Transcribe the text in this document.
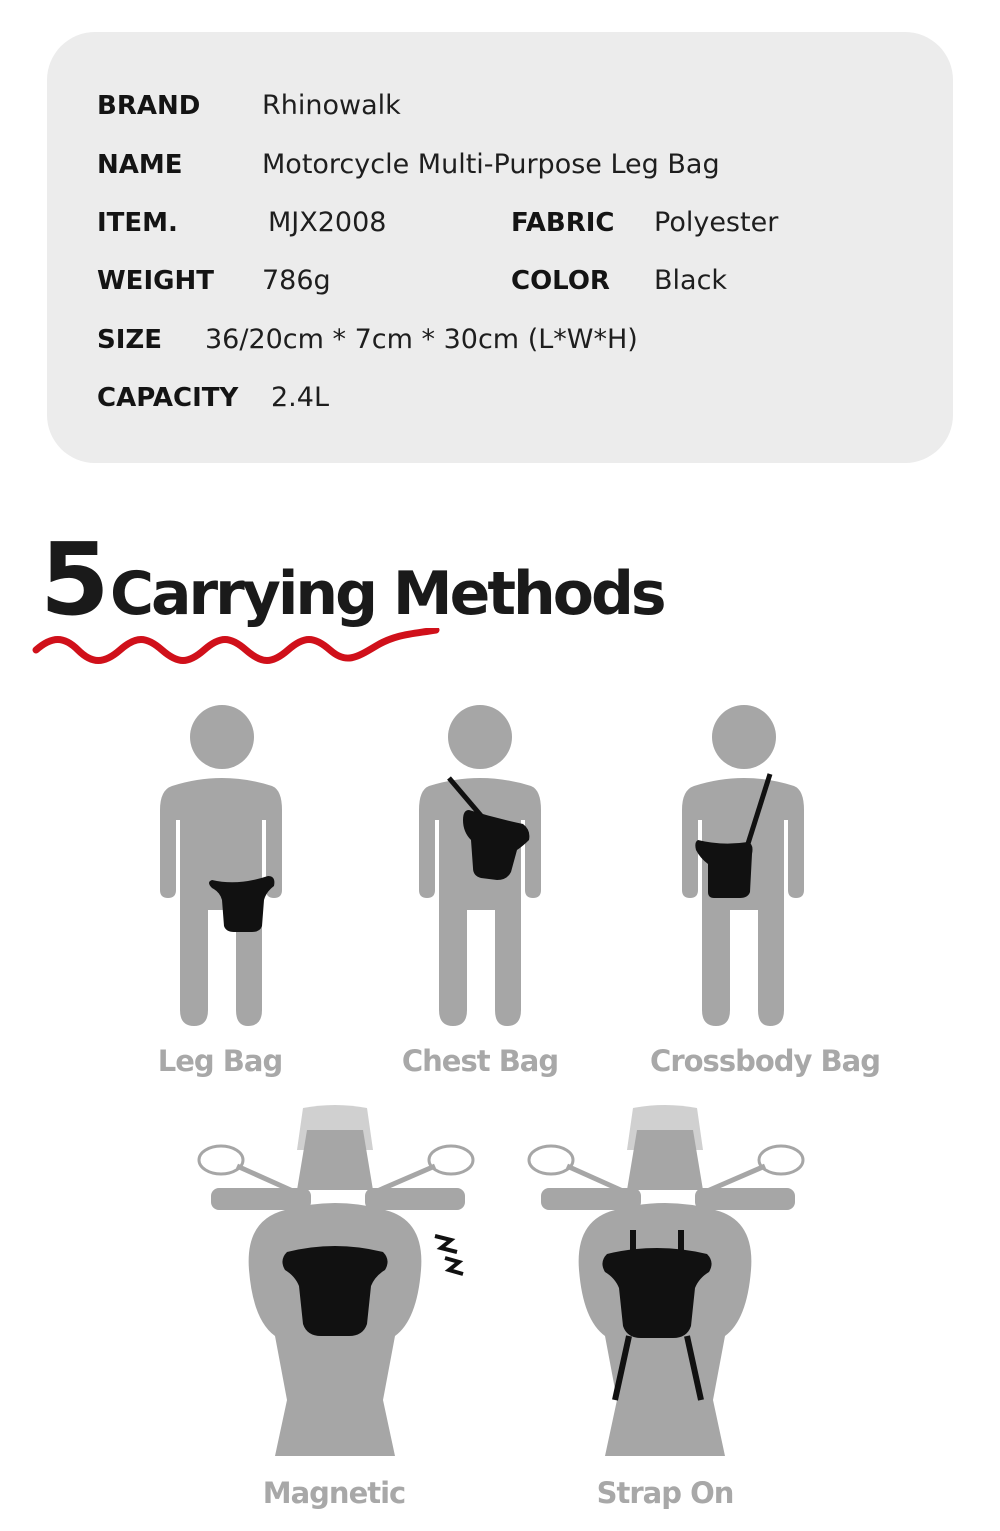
BRAND Rhinowalk
NAME	Motorcycle Multi-Purpose Leg Bag
ITEM.	MJX2008	FABRIC Polyester
WEIGHT 786g	COLOR Black
SIZE 36/20cm * 7cm * 30cm (L*W*H)
CAPACITY 2.4L
5 Carrying Methods
Leg Bag	Chest Bag	Crossbody Bag
Magnetic	Strap On
